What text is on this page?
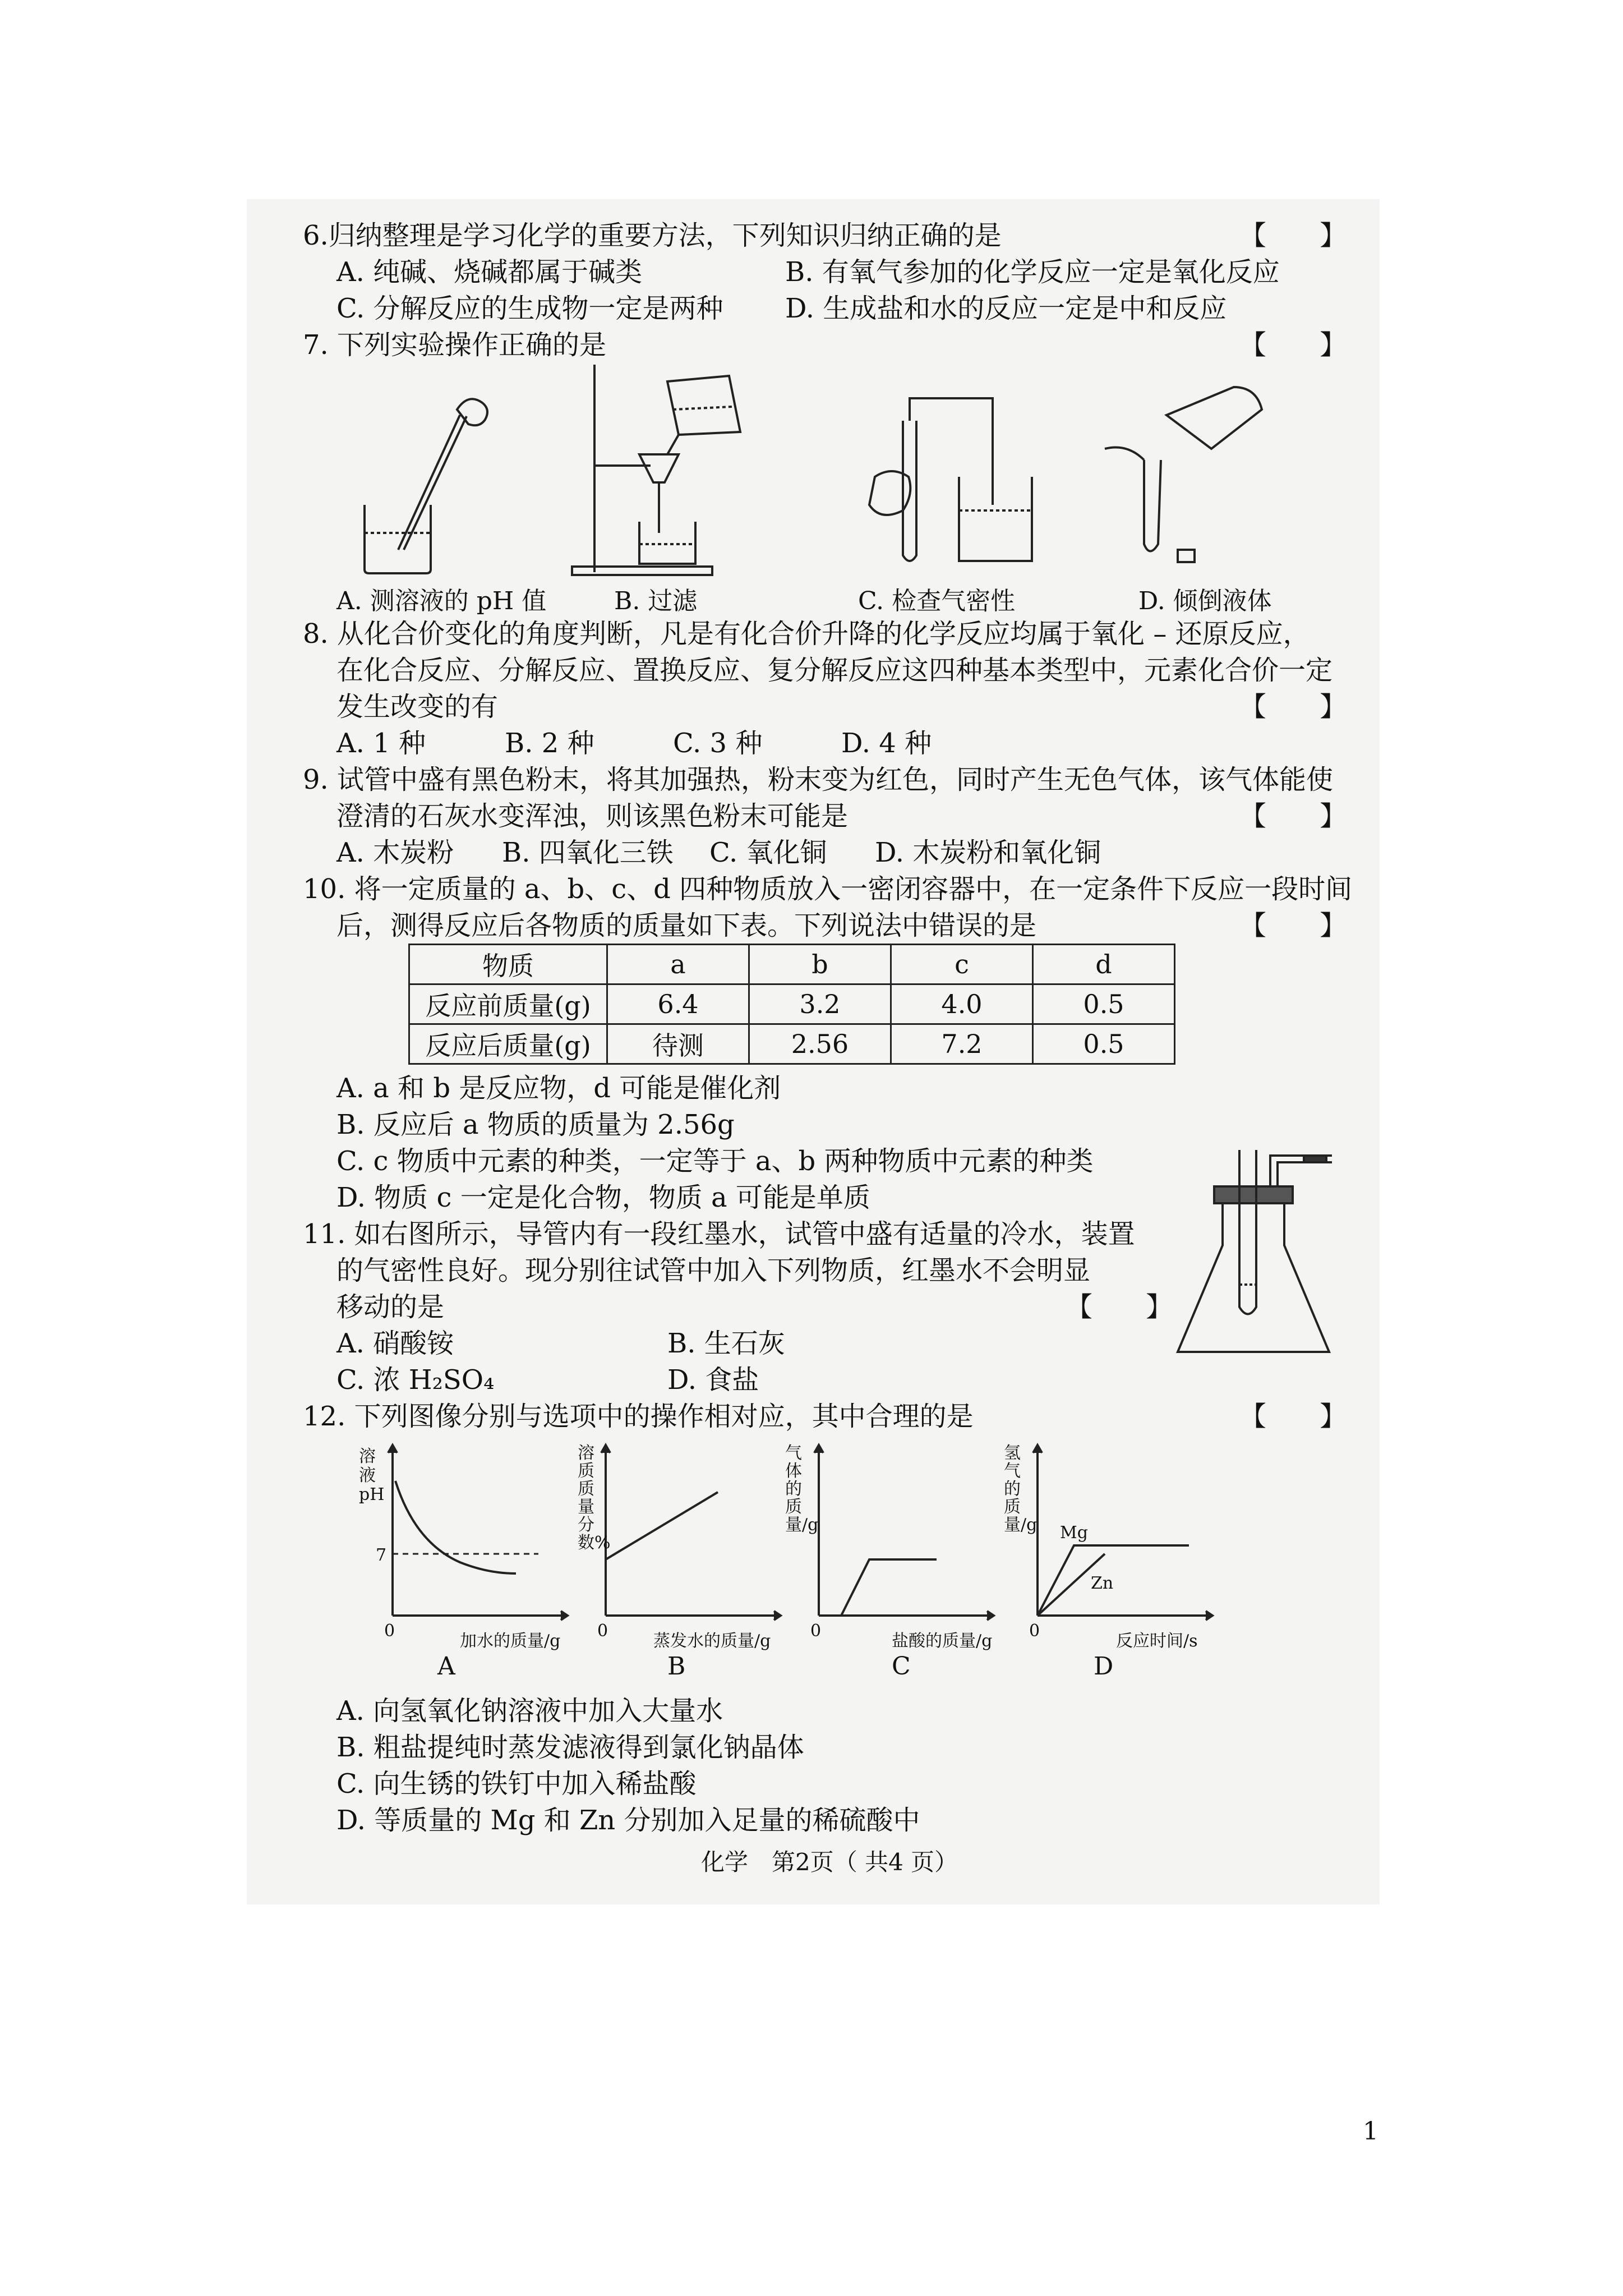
6.归纳整理是学习化学的重要方法，下列知识归纳正确的是	【 】
A. 纯碱、烧碱都属于碱类	B. 有氧气参加的化学反应一定是氧化反应
C. 分解反应的生成物一定是两种 D. 生成盐和水的反应一定是中和反应
7. 下列实验操作正确的是	【 】
A. 测溶液的 pH 值	B. 过滤	C. 检查气密性	D. 倾倒液体
8. 从化合价变化的角度判断，凡是有化合价升降的化学反应均属于氧化 – 还原反应，
在化合反应、分解反应、置换反应、复分解反应这四种基本类型中，元素化合价一定
发生改变的有	【 】
A. 1 种	B. 2 种	C. 3 种	D. 4 种
9. 试管中盛有黑色粉末，将其加强热，粉末变为红色，同时产生无色气体，该气体能使
澄清的石灰水变浑浊，则该黑色粉末可能是	【 】
A. 木炭粉 B. 四氧化三铁 C. 氧化铜 D. 木炭粉和氧化铜
10. 将一定质量的 a、b、c、d 四种物质放入一密闭容器中，在一定条件下反应一段时间
后，测得反应后各物质的质量如下表。下列说法中错误的是	【 】
物质	a	b	c	d
反应前质量(g)	6.4	3.2	4.0	0.5
反应后质量(g)	待测	2.56	7.2	0.5
A. a 和 b 是反应物，d 可能是催化剂
B. 反应后 a 物质的质量为 2.56g
C. c 物质中元素的种类，一定等于 a、b 两种物质中元素的种类
D. 物质 c 一定是化合物，物质 a 可能是单质
11. 如右图所示，导管内有一段红墨水，试管中盛有适量的冷水，装置
的气密性良好。现分别往试管中加入下列物质，红墨水不会明显
移动的是	【 】
A. 硝酸铵	B. 生石灰
C. 浓 H₂SO₄	D. 食盐
12. 下列图像分别与选项中的操作相对应，其中合理的是	【 】
溶液pH
7
0
加水的质量/g
A
溶质质量分数%
0
蒸发水的质量/g
B
气体的质量/g
0
盐酸的质量/g
C
氢气的质量/g Mg
Zn
0
反应时间/s
D
A. 向氢氧化钠溶液中加入大量水
B. 粗盐提纯时蒸发滤液得到氯化钠晶体
C. 向生锈的铁钉中加入稀盐酸
D. 等质量的 Mg 和 Zn 分别加入足量的稀硫酸中
化学　第2页（ 共4 页）
1
